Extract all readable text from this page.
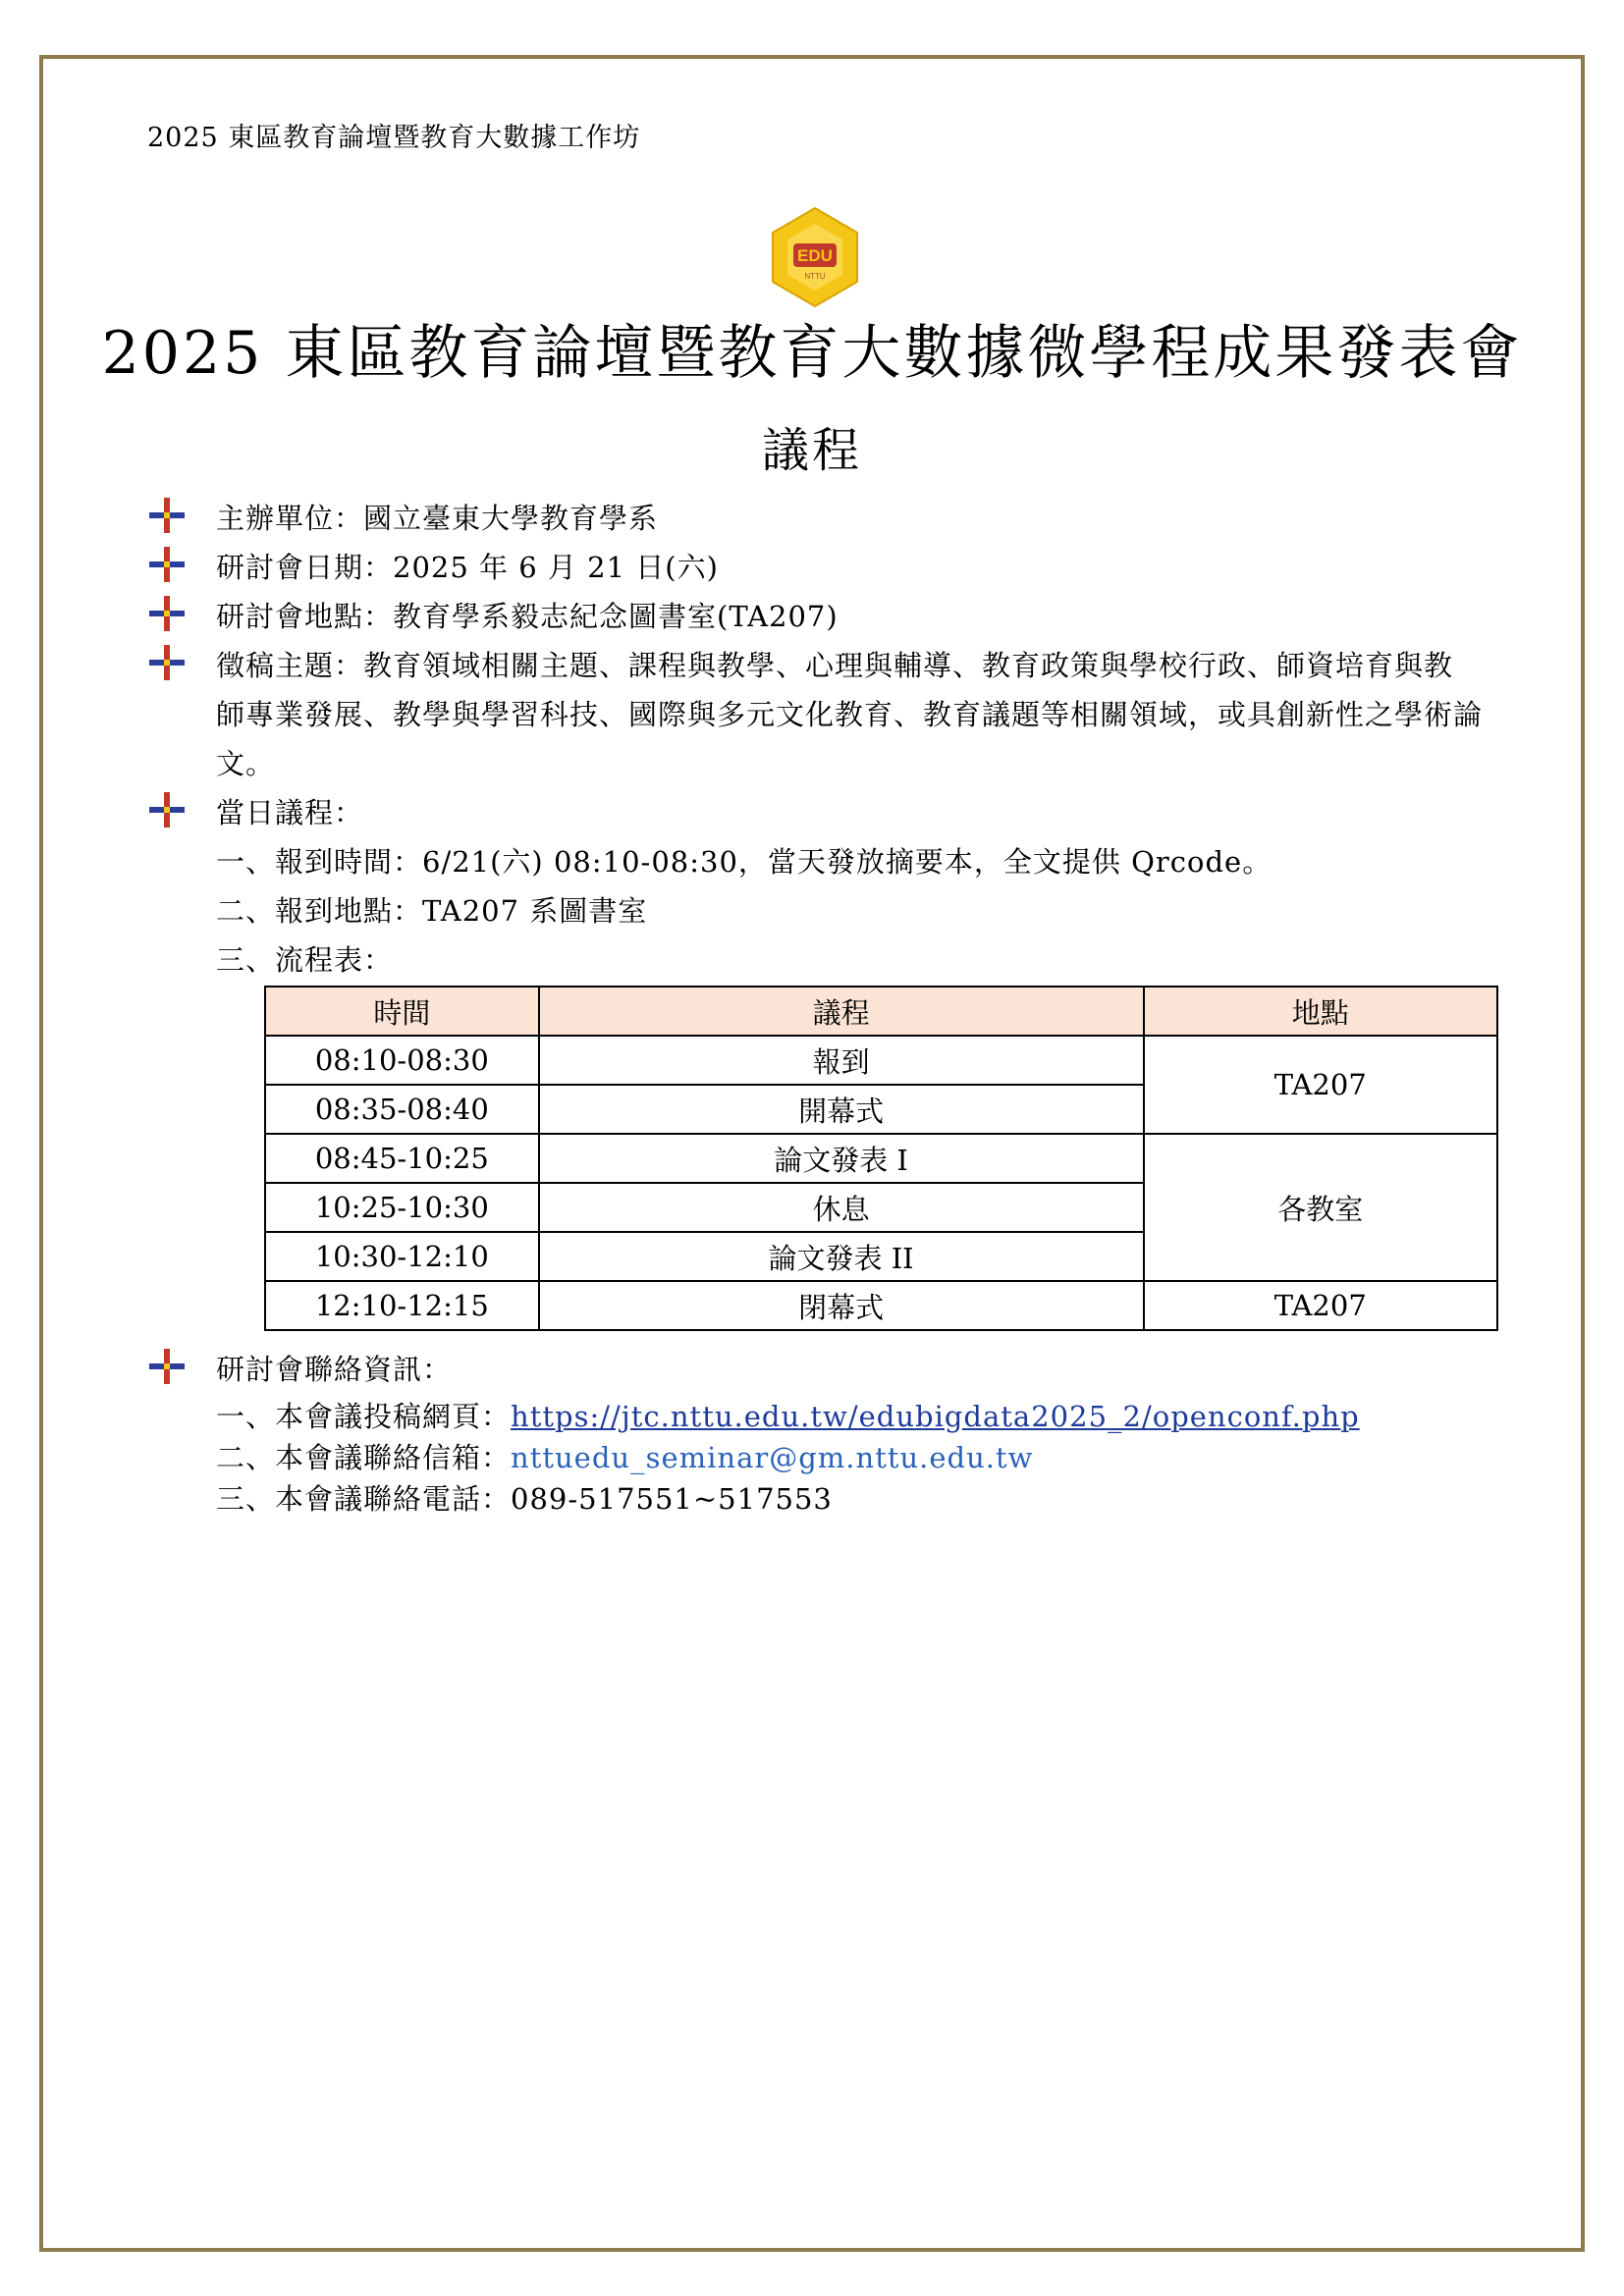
2025 東區教育論壇暨教育大數據工作坊
EDU
NTTU
2025 東區教育論壇暨教育大數據微學程成果發表會
議程
主辦單位：國立臺東大學教育學系
研討會日期：2025 年 6 月 21 日(六)
研討會地點：教育學系毅志紀念圖書室(TA207)
徵稿主題：教育領域相關主題、課程與教學、心理與輔導、教育政策與學校行政、師資培育與教師專業發展、教學與學習科技、國際與多元文化教育、教育議題等相關領域，或具創新性之學術論文。
當日議程：
一、報到時間：6/21(六) 08:10-08:30，當天發放摘要本，全文提供 Qrcode。
二、報到地點：TA207 系圖書室
三、流程表：
時間	議程	地點
08:10-08:30	報到	TA207
08:35-08:40	開幕式	
08:45-10:25	論文發表 I	各教室
10:25-10:30	休息	
10:30-12:10	論文發表 II	
12:10-12:15	閉幕式	TA207
研討會聯絡資訊：
一、本會議投稿網頁：https://jtc.nttu.edu.tw/edubigdata2025_2/openconf.php
二、本會議聯絡信箱：nttuedu_seminar@gm.nttu.edu.tw
三、本會議聯絡電話：089-517551~517553
